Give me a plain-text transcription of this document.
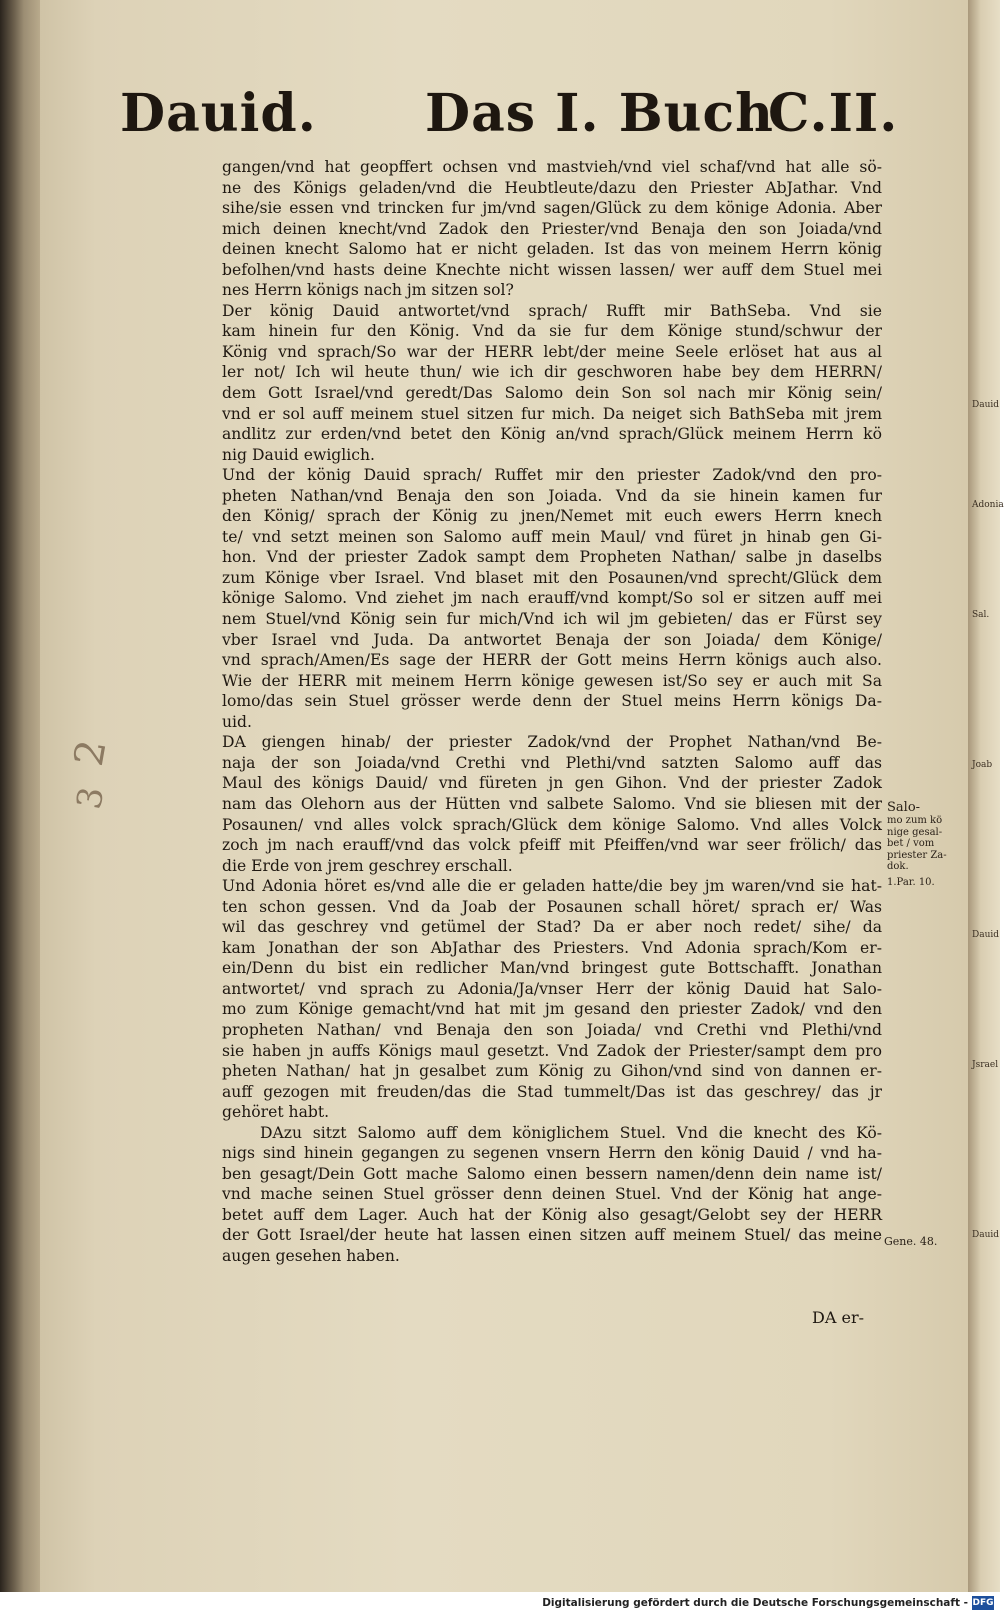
Dauid
Adonia
Sal.
Joab
Dauid
Jsrael
Dauid
Dauid. Das I. Buch
C.II.
gangen/vnd hat geopffert ochsen vnd mastvieh/vnd viel schaf/vnd hat alle sö-
ne des Königs geladen/vnd die Heubtleute/dazu den Priester AbJathar. Vnd
sihe/sie essen vnd trincken fur jm/vnd sagen/Glück zu dem könige Adonia. Aber
mich deinen knecht/vnd Zadok den Priester/vnd Benaja den son Joiada/vnd
deinen knecht Salomo hat er nicht geladen. Ist das von meinem Herrn könig
befolhen/vnd hasts deine Knechte nicht wissen lassen/ wer auff dem Stuel mei
nes Herrn königs nach jm sitzen sol?
Der könig Dauid antwortet/vnd sprach/ Rufft mir BathSeba. Vnd sie
kam hinein fur den König. Vnd da sie fur dem Könige stund/schwur der
König vnd sprach/So war der HERR lebt/der meine Seele erlöset hat aus al
ler not/ Ich wil heute thun/ wie ich dir geschworen habe bey dem HERRN/
dem Gott Israel/vnd geredt/Das Salomo dein Son sol nach mir König sein/
vnd er sol auff meinem stuel sitzen fur mich. Da neiget sich BathSeba mit jrem
andlitz zur erden/vnd betet den König an/vnd sprach/Glück meinem Herrn kö
nig Dauid ewiglich.
Und der könig Dauid sprach/ Ruffet mir den priester Zadok/vnd den pro-
pheten Nathan/vnd Benaja den son Joiada. Vnd da sie hinein kamen fur
den König/ sprach der König zu jnen/Nemet mit euch ewers Herrn knech
te/ vnd setzt meinen son Salomo auff mein Maul/ vnd füret jn hinab gen Gi-
hon. Vnd der priester Zadok sampt dem Propheten Nathan/ salbe jn daselbs
zum Könige vber Israel. Vnd blaset mit den Posaunen/vnd sprecht/Glück dem
könige Salomo. Vnd ziehet jm nach erauff/vnd kompt/So sol er sitzen auff mei
nem Stuel/vnd König sein fur mich/Vnd ich wil jm gebieten/ das er Fürst sey
vber Israel vnd Juda. Da antwortet Benaja der son Joiada/ dem Könige/
vnd sprach/Amen/Es sage der HERR der Gott meins Herrn königs auch also.
Wie der HERR mit meinem Herrn könige gewesen ist/So sey er auch mit Sa
lomo/das sein Stuel grösser werde denn der Stuel meins Herrn königs Da-
uid.
DA giengen hinab/ der priester Zadok/vnd der Prophet Nathan/vnd Be-
naja der son Joiada/vnd Crethi vnd Plethi/vnd satzten Salomo auff das
Maul des königs Dauid/ vnd füreten jn gen Gihon. Vnd der priester Zadok
nam das Olehorn aus der Hütten vnd salbete Salomo. Vnd sie bliesen mit der
Posaunen/ vnd alles volck sprach/Glück dem könige Salomo. Vnd alles Volck
zoch jm nach erauff/vnd das volck pfeiff mit Pfeiffen/vnd war seer frölich/ das
die Erde von jrem geschrey erschall.
Und Adonia höret es/vnd alle die er geladen hatte/die bey jm waren/vnd sie hat-
ten schon gessen. Vnd da Joab der Posaunen schall höret/ sprach er/ Was
wil das geschrey vnd getümel der Stad? Da er aber noch redet/ sihe/ da
kam Jonathan der son AbJathar des Priesters. Vnd Adonia sprach/Kom er-
ein/Denn du bist ein redlicher Man/vnd bringest gute Bottschafft. Jonathan
antwortet/ vnd sprach zu Adonia/Ja/vnser Herr der könig Dauid hat Salo-
mo zum Könige gemacht/vnd hat mit jm gesand den priester Zadok/ vnd den
propheten Nathan/ vnd Benaja den son Joiada/ vnd Crethi vnd Plethi/vnd
sie haben jn auffs Königs maul gesetzt. Vnd Zadok der Priester/sampt dem pro
pheten Nathan/ hat jn gesalbet zum König zu Gihon/vnd sind von dannen er-
auff gezogen mit freuden/das die Stad tummelt/Das ist das geschrey/ das jr
gehöret habt.
DAzu sitzt Salomo auff dem königlichem Stuel. Vnd die knecht des Kö-
nigs sind hinein gegangen zu segenen vnsern Herrn den könig Dauid / vnd ha-
ben gesagt/Dein Gott mache Salomo einen bessern namen/denn dein name ist/
vnd mache seinen Stuel grösser denn deinen Stuel. Vnd der König hat ange-
betet auff dem Lager. Auch hat der König also gesagt/Gelobt sey der HERR
der Gott Israel/der heute hat lassen einen sitzen auff meinem Stuel/ das meine
augen gesehen haben.
Salo-
mo zum kö
nige gesal-
bet / vom
priester Za-
dok.
1.Par. 10.
Gene. 48.
2
3
DA er-
Digitalisierung gefördert durch die Deutsche Forschungsgemeinschaft - DFG
